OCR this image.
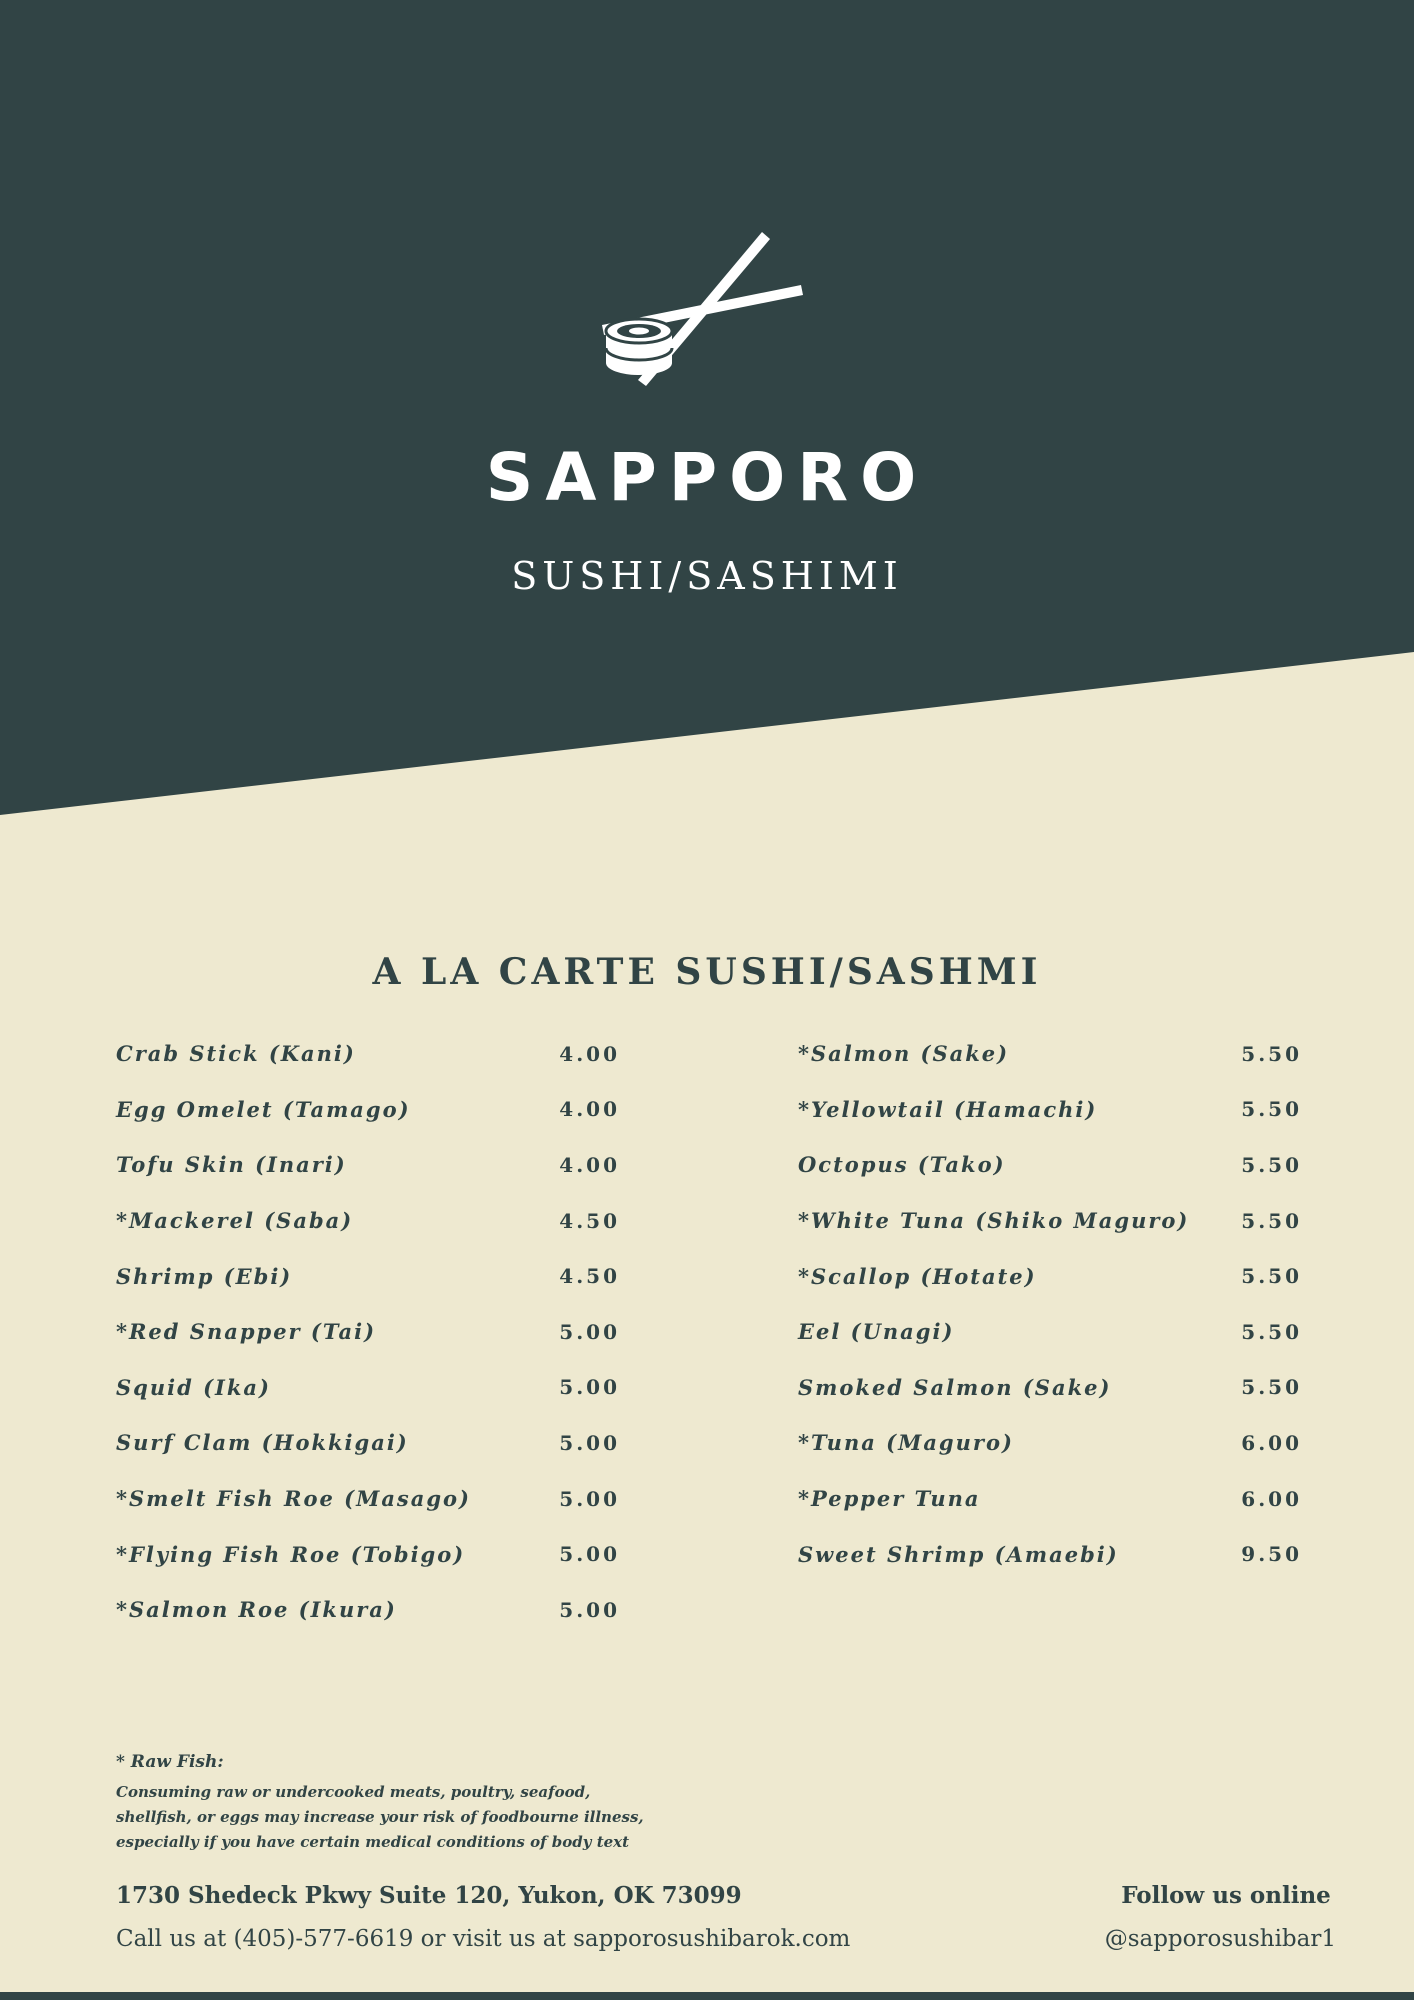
SAPPORO
SUSHI/SASHIMI
A LA CARTE SUSHI/SASHMI
Crab Stick (Kani)	4.00
Egg Omelet (Tamago)	4.00
Tofu Skin (Inari)	4.00
*Mackerel (Saba)	4.50
Shrimp (Ebi)	4.50
*Red Snapper (Tai)	5.00
Squid (Ika)	5.00
Surf Clam (Hokkigai)	5.00
*Smelt Fish Roe (Masago)	5.00
*Flying Fish Roe (Tobigo)	5.00
*Salmon Roe (Ikura)	5.00
*Salmon (Sake)	5.50
*Yellowtail (Hamachi)	5.50
Octopus (Tako)	5.50
*White Tuna (Shiko Maguro)	5.50
*Scallop (Hotate)	5.50
Eel (Unagi)	5.50
Smoked Salmon (Sake)	5.50
*Tuna (Maguro)	6.00
*Pepper Tuna	6.00
Sweet Shrimp (Amaebi)	9.50
* Raw Fish:
Consuming raw or undercooked meats, poultry, seafood, shellfish, or eggs may increase your risk of foodbourne illness, especially if you have certain medical conditions of body text
1730 Shedeck Pkwy Suite 120, Yukon, OK 73099
Call us at (405)-577-6619 or visit us at sapporosushibarok.com
Follow us online
@sapporosushibar1
